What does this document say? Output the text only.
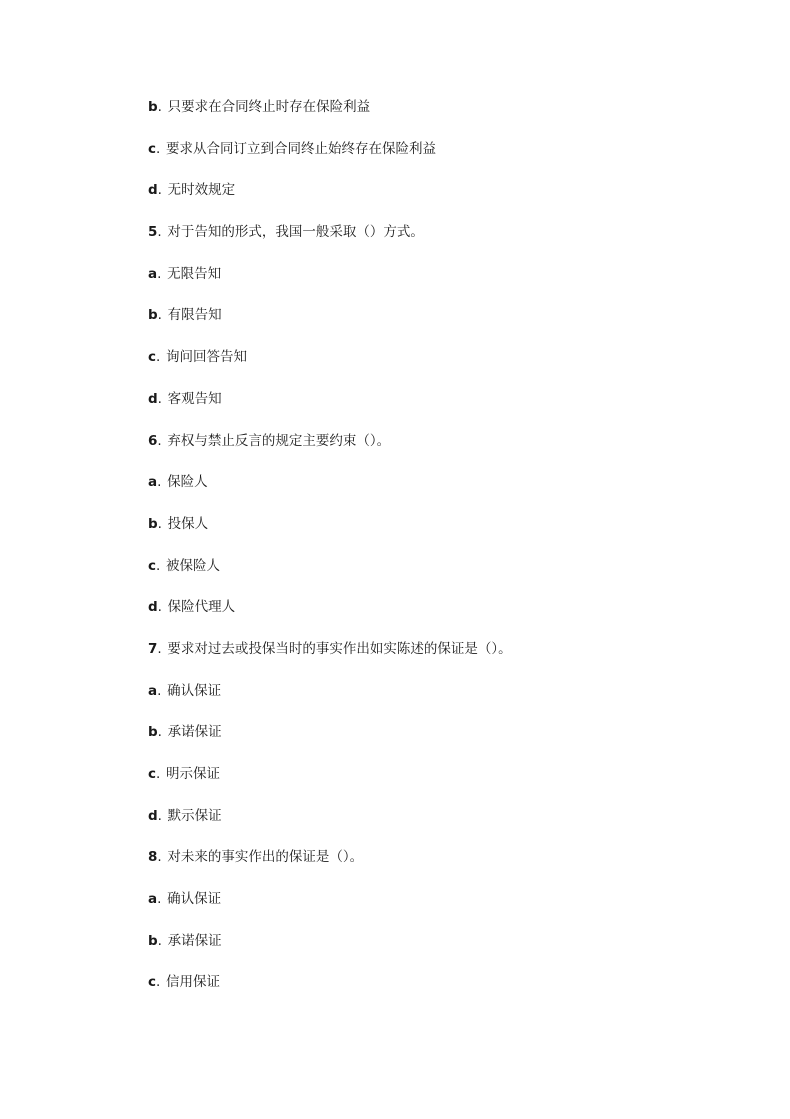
b. 只要求在合同终止时存在保险利益
c. 要求从合同订立到合同终止始终存在保险利益
d. 无时效规定
5. 对于告知的形式，我国一般采取（）方式。
a. 无限告知
b. 有限告知
c. 询问回答告知
d. 客观告知
6. 弃权与禁止反言的规定主要约束（）。
a. 保险人
b. 投保人
c. 被保险人
d. 保险代理人
7. 要求对过去或投保当时的事实作出如实陈述的保证是（）。
a. 确认保证
b. 承诺保证
c. 明示保证
d. 默示保证
8. 对未来的事实作出的保证是（）。
a. 确认保证
b. 承诺保证
c. 信用保证
